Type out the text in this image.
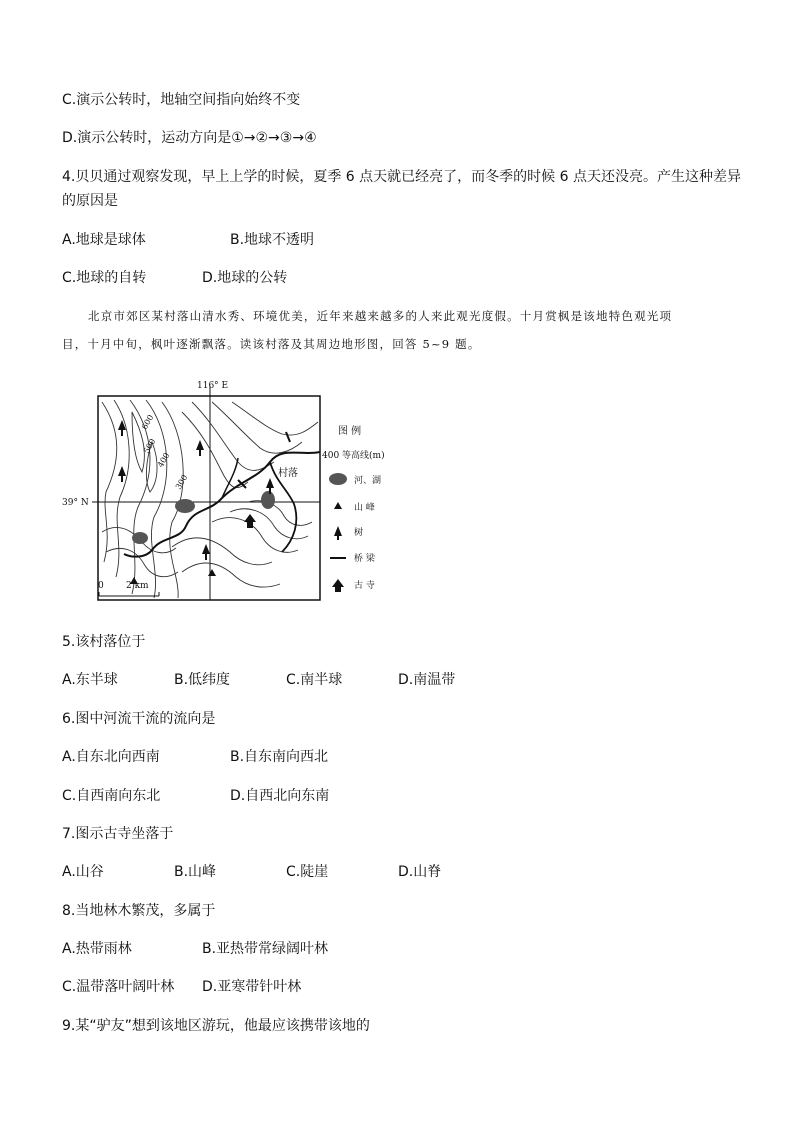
C.演示公转时，地轴空间指向始终不变
D.演示公转时，运动方向是①→②→③→④
4.贝贝通过观察发现，早上上学的时候，夏季 6 点天就已经亮了，而冬季的时候 6 点天还没亮。产生这种差异
的原因是
A.地球是球体	B.地球不透明
C.地球的自转	D.地球的公转
北京市郊区某村落山清水秀、环境优美，近年来越来越多的人来此观光度假。十月赏枫是该地特色观光项
目，十月中旬，枫叶逐渐飘落。读该村落及其周边地形图，回答 5~9 题。
116° E
39° N
600
500
400
300	村落
0 2 km
图 例
400 等高线(m)
河、湖
山 峰
树
桥 梁
古 寺
5.该村落位于
A.东半球	B.低纬度	C.南半球	D.南温带
6.图中河流干流的流向是
A.自东北向西南	B.自东南向西北
C.自西南向东北	D.自西北向东南
7.图示古寺坐落于
A.山谷	B.山峰	C.陡崖	D.山脊
8.当地林木繁茂，多属于
A.热带雨林	B.亚热带常绿阔叶林
C.温带落叶阔叶林 D.亚寒带针叶林
9.某“驴友”想到该地区游玩，他最应该携带该地的
